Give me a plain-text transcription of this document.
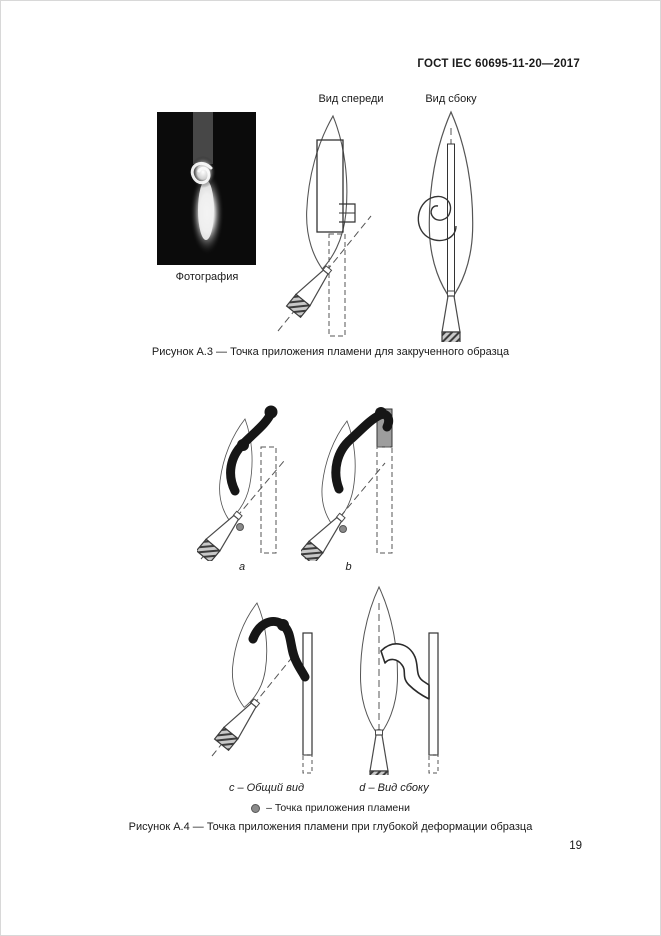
ГОСТ IEC 60695-11-20—2017
Фотография
Вид спереди	Вид сбоку
Рисунок А.3 — Точка приложения пламени для закрученного образца
a	b
c – Общий вид	d – Вид сбоку
– Точка приложения пламени
Рисунок А.4 — Точка приложения пламени при глубокой деформации образца
19
